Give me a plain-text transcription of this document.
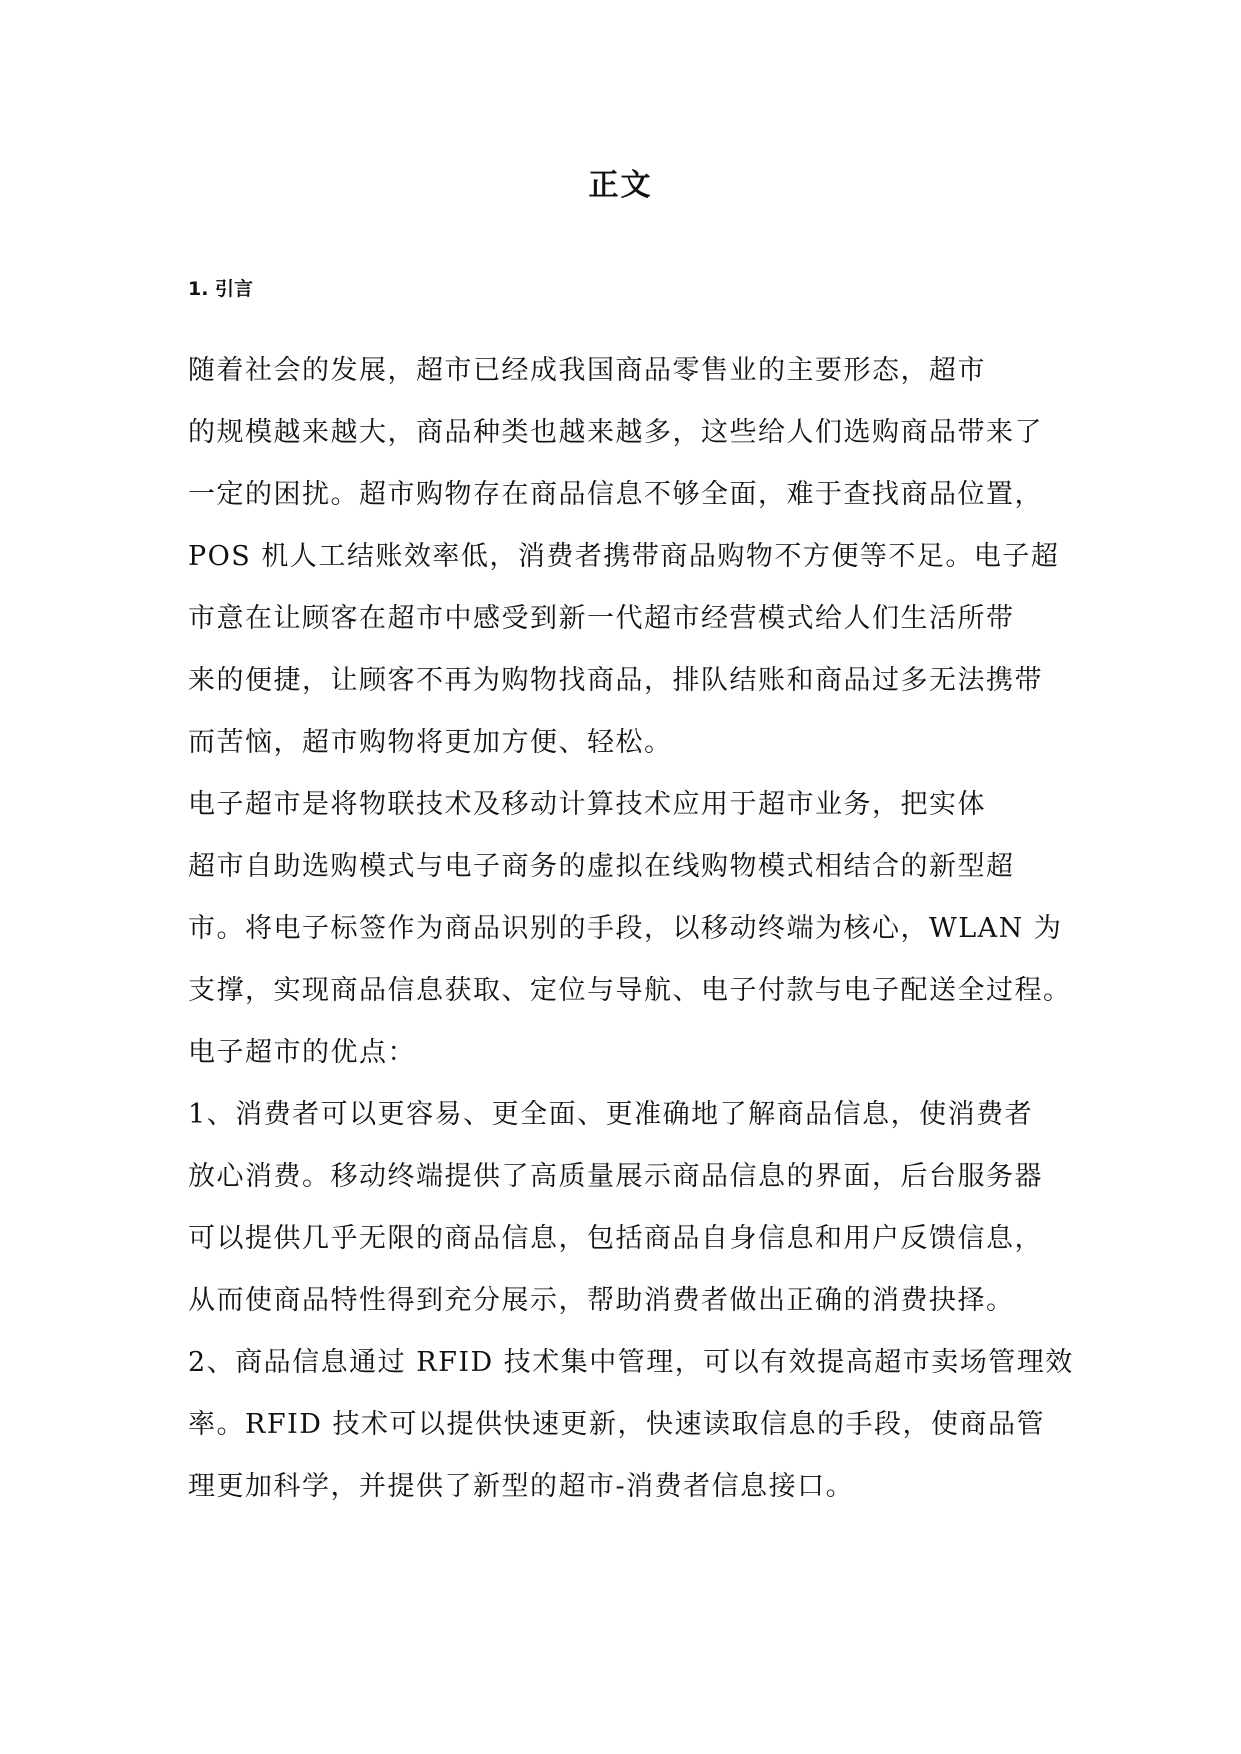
正文
1. 引言
随着社会的发展，超市已经成我国商品零售业的主要形态，超市
的规模越来越大，商品种类也越来越多，这些给人们选购商品带来了
一定的困扰。超市购物存在商品信息不够全面，难于查找商品位置，
POS 机人工结账效率低，消费者携带商品购物不方便等不足。电子超
市意在让顾客在超市中感受到新一代超市经营模式给人们生活所带
来的便捷，让顾客不再为购物找商品，排队结账和商品过多无法携带
而苦恼，超市购物将更加方便、轻松。
电子超市是将物联技术及移动计算技术应用于超市业务，把实体
超市自助选购模式与电子商务的虚拟在线购物模式相结合的新型超
市。将电子标签作为商品识别的手段，以移动终端为核心，WLAN 为
支撑，实现商品信息获取、定位与导航、电子付款与电子配送全过程。
电子超市的优点：
1、消费者可以更容易、更全面、更准确地了解商品信息，使消费者
放心消费。移动终端提供了高质量展示商品信息的界面，后台服务器
可以提供几乎无限的商品信息，包括商品自身信息和用户反馈信息，
从而使商品特性得到充分展示，帮助消费者做出正确的消费抉择。
2、商品信息通过 RFID 技术集中管理，可以有效提高超市卖场管理效
率。RFID 技术可以提供快速更新，快速读取信息的手段，使商品管
理更加科学，并提供了新型的超市-消费者信息接口。
